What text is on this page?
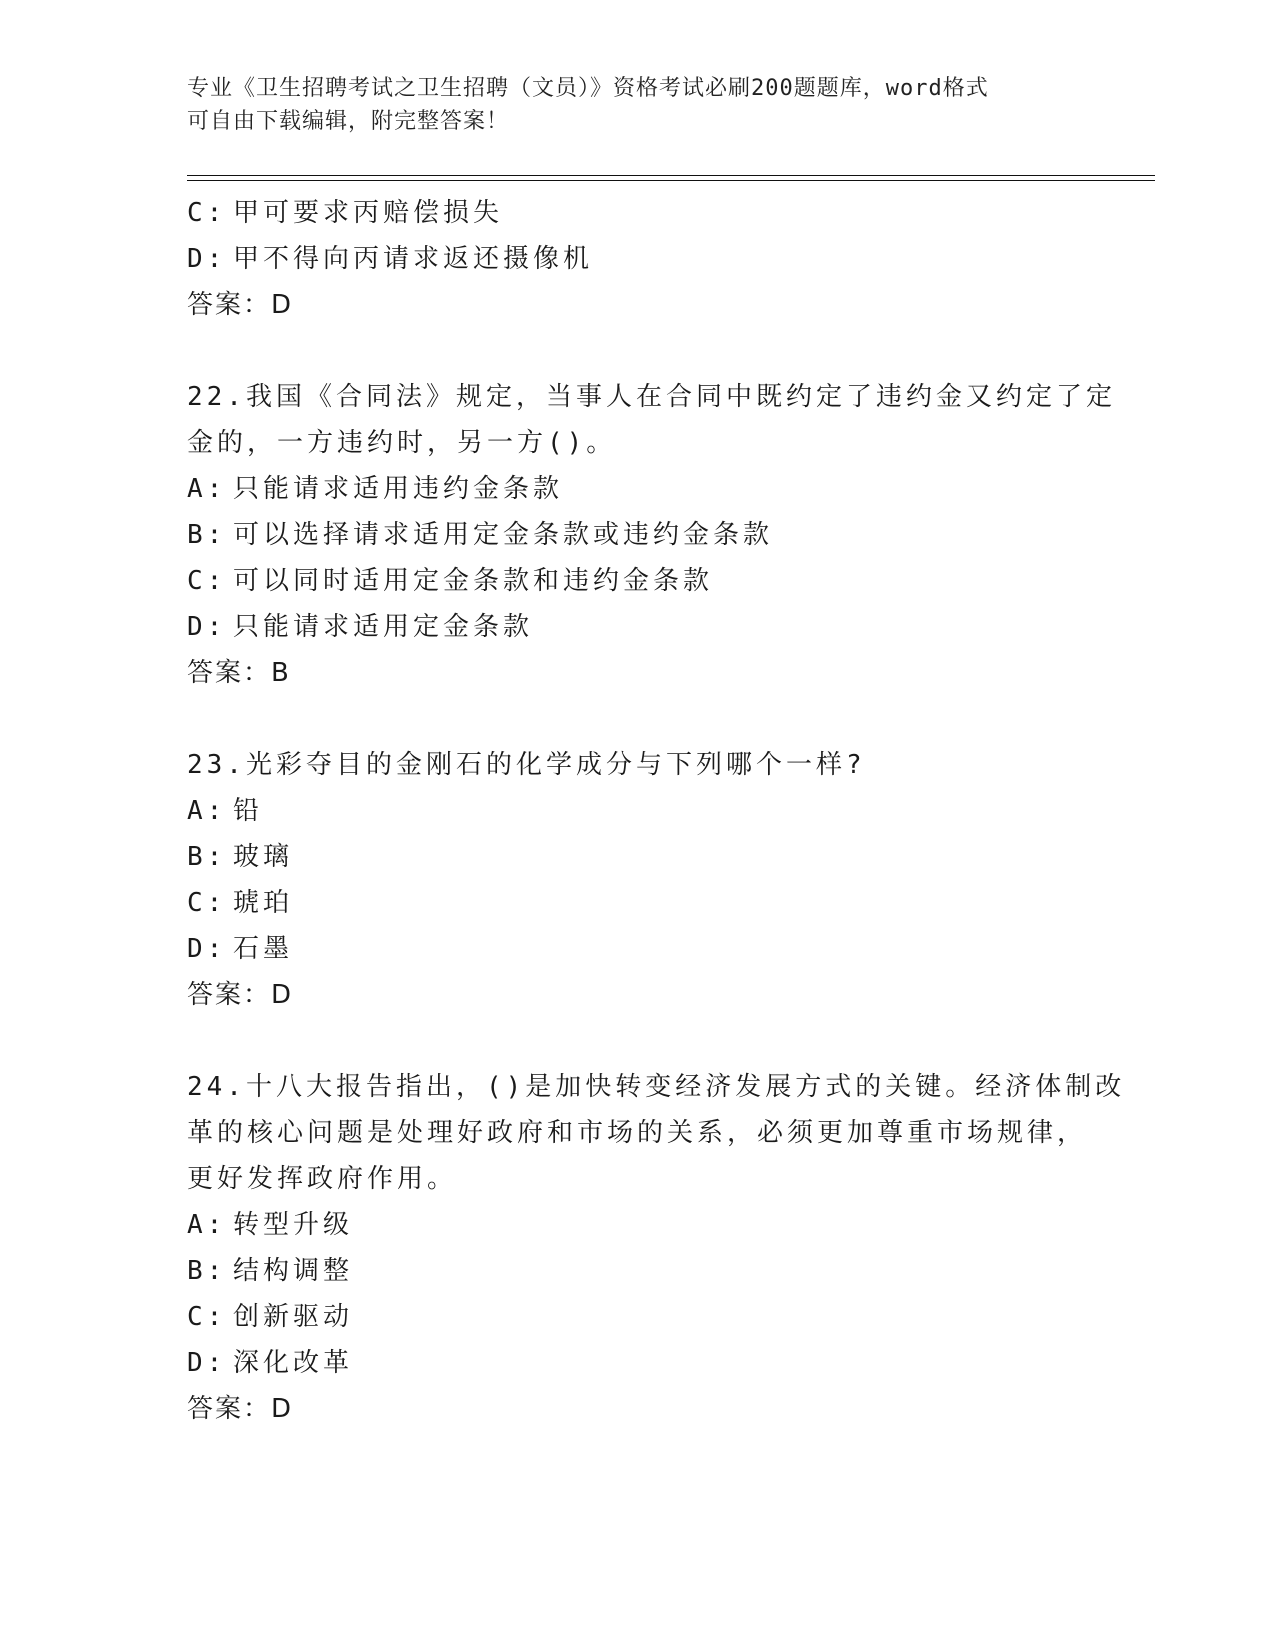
专业《卫生招聘考试之卫生招聘（文员）》资格考试必刷200题题库，word格式
可自由下载编辑，附完整答案！
C: 甲可要求丙赔偿损失
D: 甲不得向丙请求返还摄像机
答案：D
22.我国《合同法》规定，当事人在合同中既约定了违约金又约定了定
金的，一方违约时，另一方()。
A: 只能请求适用违约金条款
B: 可以选择请求适用定金条款或违约金条款
C: 可以同时适用定金条款和违约金条款
D: 只能请求适用定金条款
答案：B
23.光彩夺目的金刚石的化学成分与下列哪个一样?
A: 铅
B: 玻璃
C: 琥珀
D: 石墨
答案：D
24.十八大报告指出，()是加快转变经济发展方式的关键。经济体制改
革的核心问题是处理好政府和市场的关系，必须更加尊重市场规律，
更好发挥政府作用。
A: 转型升级
B: 结构调整
C: 创新驱动
D: 深化改革
答案：D
